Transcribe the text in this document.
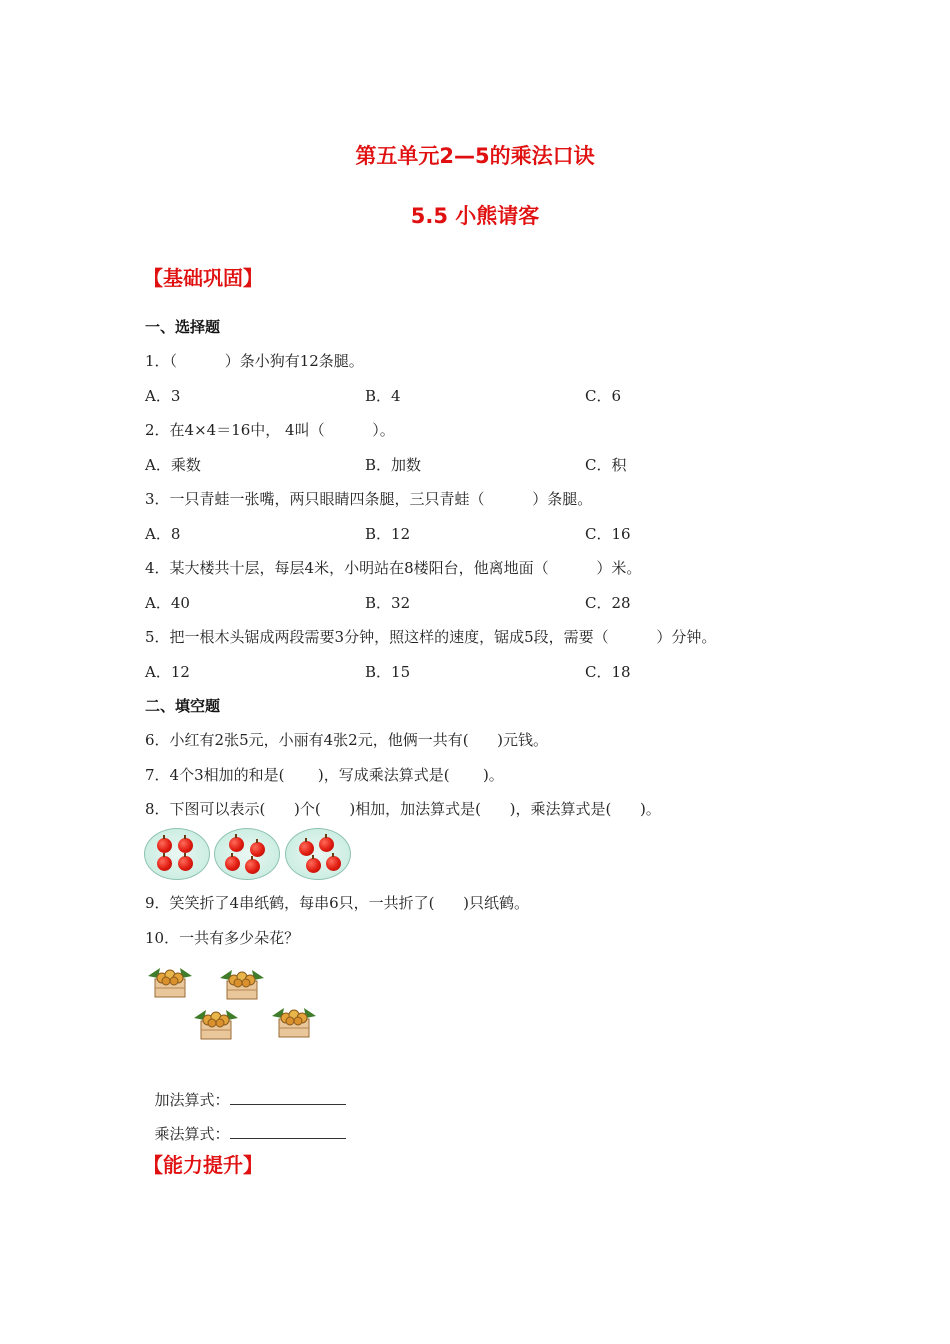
第五单元2—5的乘法口诀
5.5 小熊请客
【基础巩固】
一、选择题
1．（          ）条小狗有12条腿。
A．3	B．4	C．6
2．在4×4＝16中， 4叫（          ）。
A．乘数	B．加数	C．积
3．一只青蛙一张嘴，两只眼睛四条腿，三只青蛙（          ）条腿。
A．8	B．12	C．16
4．某大楼共十层，每层4米，小明站在8楼阳台，他离地面（          ）米。
A．40	B．32	C．28
5．把一根木头锯成两段需要3分钟，照这样的速度，锯成5段，需要（          ）分钟。
A．12	B．15	C．18
二、填空题
6．小红有2张5元，小丽有4张2元，他俩一共有(      )元钱。
7．4个3相加的和是(       )，写成乘法算式是(       )。
8．下图可以表示(      )个(      )相加，加法算式是(      )，乘法算式是(      )。
9．笑笑折了4串纸鹤，每串6只，一共折了(      )只纸鹤。
10．一共有多少朵花？

加法算式：

乘法算式：

【能力提升】
